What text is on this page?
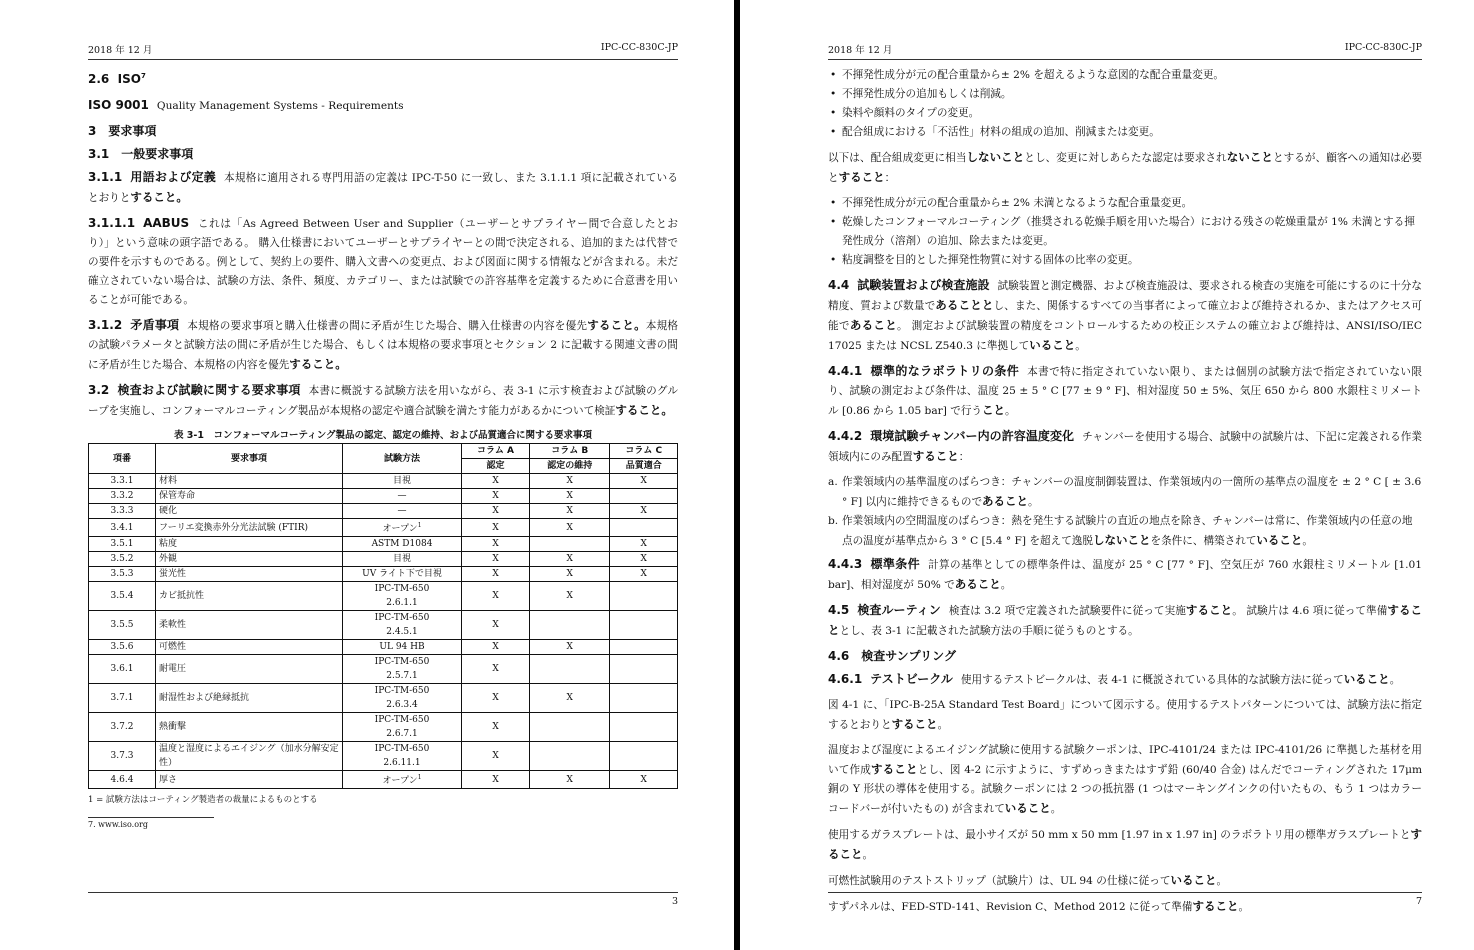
2018 年 12 月	IPC-CC-830C-JP
2.6 ISO$^7$
ISO 9001 Quality Management Systems - Requirements
3　要求事項
3.1　一般要求事項

3.1.1 用語および定義 本規格に適用される専門用語の定義は IPC-T-50 に一致し、また 3.1.1.1 項に記載されているとおりとすること。

3.1.1.1 AABUS これは「As Agreed Between User and Supplier（ユーザーとサプライヤー間で合意したとおり）」という意味の頭字語である。 購入仕様書においてユーザーとサプライヤーとの間で決定される、追加的または代替での要件を示すものである。例として、契約上の要件、購入文書への変更点、および図面に関する情報などが含まれる。未だ確立されていない場合は、試験の方法、条件、頻度、カテゴリー、または試験での許容基準を定義するために合意書を用いることが可能である。

3.1.2 矛盾事項 本規格の要求事項と購入仕様書の間に矛盾が生じた場合、購入仕様書の内容を優先すること。本規格の試験パラメータと試験方法の間に矛盾が生じた場合、もしくは本規格の要求事項とセクション 2 に記載する関連文書の間に矛盾が生じた場合、本規格の内容を優先すること。

3.2 検査および試験に関する要求事項 本書に概説する試験方法を用いながら、表 3-1 に示す検査および試験のグループを実施し、コンフォーマルコーティング製品が本規格の認定や適合試験を満たす能力があるかについて検証すること。

表 3-1　コンフォーマルコーティング製品の認定、認定の維持、および品質適合に関する要求事項
項番	要求事項	試験方法	コラム A	コラム B	コラム C
			認定	認定の維持	品質適合
3.3.1	材料	目視	X	X	X
3.3.2	保管寿命	—	X	X	
3.3.3	硬化	—	X	X	X
3.4.1	フーリエ変換赤外分光法試験 (FTIR)	オープン$^1$	X	X	
3.5.1	粘度	ASTM D1084	X		X
3.5.2	外観	目視	X	X	X
3.5.3	蛍光性	UV ライト下で目視	X	X	X
3.5.4	カビ抵抗性	IPC-TM-650
2.6.1.1	X	X	
3.5.5	柔軟性	IPC-TM-650
2.4.5.1	X		
3.5.6	可燃性	UL 94 HB	X	X	
3.6.1	耐電圧	IPC-TM-650
2.5.7.1	X		
3.7.1	耐湿性および絶縁抵抗	IPC-TM-650
2.6.3.4	X	X	
3.7.2	熱衝撃	IPC-TM-650
2.6.7.1	X		
3.7.3	温度と湿度によるエイジング（加水分解安定性）	IPC-TM-650
2.6.11.1	X		
4.6.4	厚さ	オープン$^1$	X	X	X
1 = 試験方法はコーティング製造者の裁量によるものとする
7. www.iso.org
3
2018 年 12 月	IPC-CC-830C-JP
• 不揮発性成分が元の配合重量から± 2% を超えるような意図的な配合重量変更。
• 不揮発性成分の追加もしくは削減。
• 染料や顔料のタイプの変更。
• 配合組成における「不活性」材料の組成の追加、削減または変更。

以下は、配合組成変更に相当しないこととし、変更に対しあらたな認定は要求されないこととするが、顧客への通知は必要とすること：

• 不揮発性成分が元の配合重量から± 2% 未満となるような配合重量変更。
• 乾燥したコンフォーマルコーティング（推奨される乾燥手順を用いた場合）における残さの乾燥重量が 1% 未満とする揮発性成分（溶剤）の追加、除去または変更。
• 粘度調整を目的とした揮発性物質に対する固体の比率の変更。

4.4 試験装置および検査施設 試験装置と測定機器、および検査施設は、要求される検査の実施を可能にするのに十分な精度、質および数量であることとし、また、関係するすべての当事者によって確立および維持されるか、またはアクセス可能であること。 測定および試験装置の精度をコントロールするための校正システムの確立および維持は、ANSI/ISO/IEC 17025 または NCSL Z540.3 に準拠していること。

4.4.1 標準的なラボラトリの条件 本書で特に指定されていない限り、または個別の試験方法で指定されていない限り、試験の測定および条件は、温度 25 ± 5 ° C [77 ± 9 ° F]、相対湿度 50 ± 5%、気圧 650 から 800 水銀柱ミリメートル [0.86 から 1.05 bar] で行うこと。

4.4.2 環境試験チャンバー内の許容温度変化 チャンバーを使用する場合、試験中の試験片は、下記に定義される作業領域内にのみ配置すること：

a. 作業領域内の基準温度のばらつき：チャンバーの温度制御装置は、作業領域内の一箇所の基準点の温度を ± 2 ° C [ ± 3.6 ° F] 以内に維持できるものであること。
b. 作業領域内の空間温度のばらつき：熱を発生する試験片の直近の地点を除き、チャンバーは常に、作業領域内の任意の地点の温度が基準点から 3 ° C [5.4 ° F] を超えて逸脱しないことを条件に、構築されていること。

4.4.3 標準条件 計算の基準としての標準条件は、温度が 25 ° C [77 ° F]、空気圧が 760 水銀柱ミリメートル [1.01 bar]、相対湿度が 50% であること。

4.5 検査ルーティン 検査は 3.2 項で定義された試験要件に従って実施すること。 試験片は 4.6 項に従って準備することとし、表 3-1 に記載された試験方法の手順に従うものとする。

4.6　検査サンプリング

4.6.1 テストビークル 使用するテストビークルは、表 4-1 に概説されている具体的な試験方法に従っていること。

図 4-1 に、「IPC-B-25A Standard Test Board」について図示する。使用するテストパターンについては、試験方法に指定するとおりとすること。

温度および湿度によるエイジング試験に使用する試験クーポンは、IPC-4101/24 または IPC-4101/26 に準拠した基材を用いて作成することとし、図 4-2 に示すように、すずめっきまたはすず鉛 (60/40 合金) はんだでコーティングされた 17μm 銅の Y 形状の導体を使用する。試験クーポンには 2 つの抵抗器 (1 つはマーキングインクの付いたもの、もう 1 つはカラーコードバーが付いたもの) が含まれていること。

使用するガラスプレートは、最小サイズが 50 mm x 50 mm [1.97 in x 1.97 in] のラボラトリ用の標準ガラスプレートとすること。

可燃性試験用のテストストリップ（試験片）は、UL 94 の仕様に従っていること。

すずパネルは、FED-STD-141、Revision C、Method 2012 に従って準備すること。	7
